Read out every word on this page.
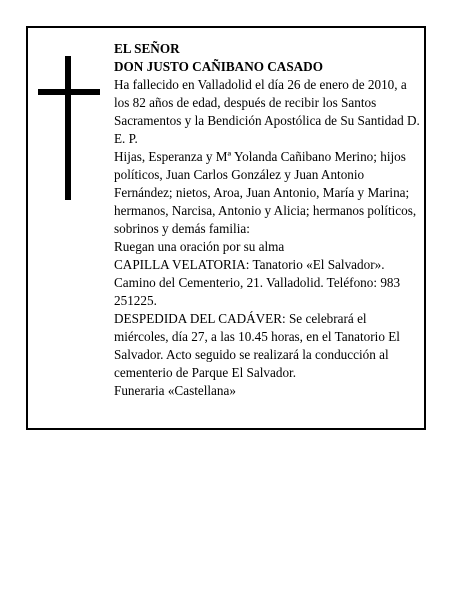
EL SEÑOR

DON JUSTO CAÑIBANO CASADO

Ha fallecido en Valladolid el día 26 de enero de 2010, a los 82 años de edad, después de recibir los Santos Sacramentos y la Bendición Apostólica de Su Santidad D. E. P.

Hijas, Esperanza y Mª Yolanda Cañibano Merino; hijos políticos, Juan Carlos González y Juan Antonio Fernández; nietos, Aroa, Juan Antonio, María y Marina; hermanos, Narcisa, Antonio y Alicia; hermanos políticos, sobrinos y demás familia:

Ruegan una oración por su alma

CAPILLA VELATORIA: Tanatorio «El Salvador». Camino del Cementerio, 21. Valladolid. Teléfono: 983 251225.

DESPEDIDA DEL CADÁVER: Se celebrará el miércoles, día 27, a las 10.45 horas, en el Tanatorio El Salvador. Acto seguido se realizará la conducción al cementerio de Parque El Salvador.

Funeraria «Castellana»
